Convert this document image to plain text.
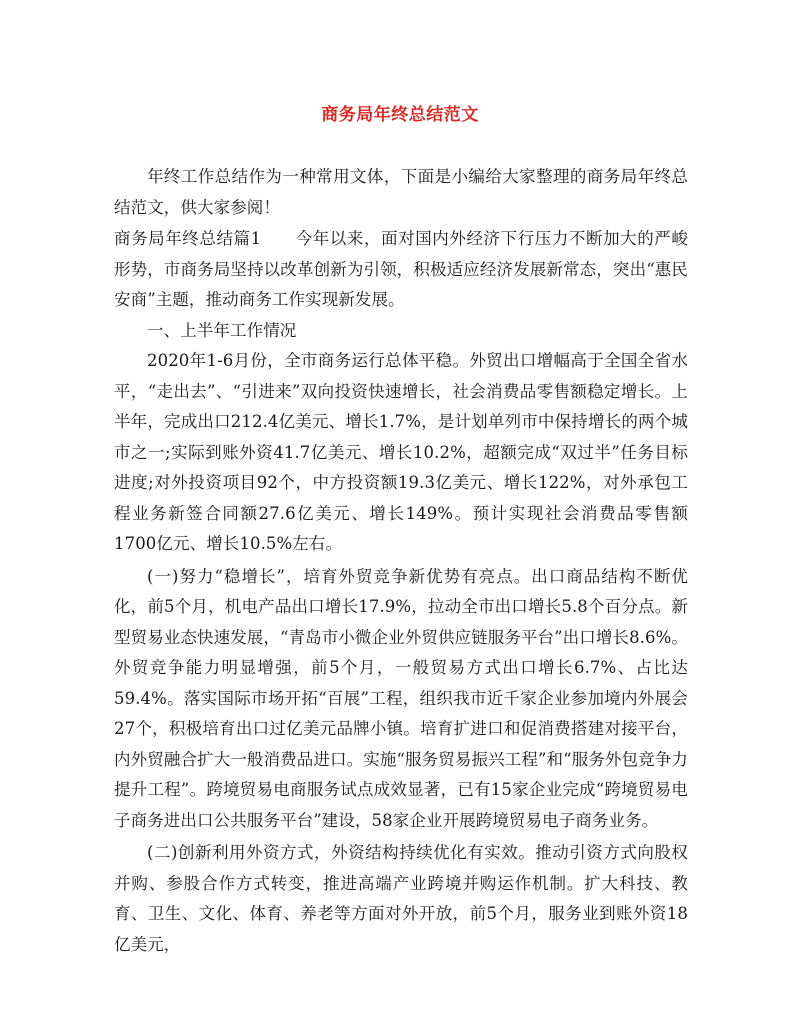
商务局年终总结范文

年终工作总结作为一种常用文体，下面是小编给大家整理的商务局年终总结范文，供大家参阅！

商务局年终总结篇1 今年以来，面对国内外经济下行压力不断加大的严峻形势，市商务局坚持以改革创新为引领，积极适应经济发展新常态，突出“惠民安商”主题，推动商务工作实现新发展。

一、上半年工作情况

2020年1-6月份，全市商务运行总体平稳。外贸出口增幅高于全国全省水平，“走出去”、“引进来”双向投资快速增长，社会消费品零售额稳定增长。上半年，完成出口212.4亿美元、增长1.7%，是计划单列市中保持增长的两个城市之一;实际到账外资41.7亿美元、增长10.2%，超额完成“双过半”任务目标进度;对外投资项目92个，中方投资额19.3亿美元、增长122%，对外承包工程业务新签合同额27.6亿美元、增长149%。预计实现社会消费品零售额1700亿元、增长10.5%左右。

(一)努力“稳增长”，培育外贸竞争新优势有亮点。出口商品结构不断优化，前5个月，机电产品出口增长17.9%，拉动全市出口增长5.8个百分点。新型贸易业态快速发展，“青岛市小微企业外贸供应链服务平台”出口增长8.6%。外贸竞争能力明显增强，前5个月，一般贸易方式出口增长6.7%、占比达59.4%。落实国际市场开拓“百展”工程，组织我市近千家企业参加境内外展会27个，积极培育出口过亿美元品牌小镇。培育扩进口和促消费搭建对接平台，内外贸融合扩大一般消费品进口。实施“服务贸易振兴工程”和“服务外包竞争力提升工程”。跨境贸易电商服务试点成效显著，已有15家企业完成“跨境贸易电子商务进出口公共服务平台”建设，58家企业开展跨境贸易电子商务业务。

(二)创新利用外资方式，外资结构持续优化有实效。推动引资方式向股权并购、参股合作方式转变，推进高端产业跨境并购运作机制。扩大科技、教育、卫生、文化、体育、养老等方面对外开放，前5个月，服务业到账外资18亿美元，
